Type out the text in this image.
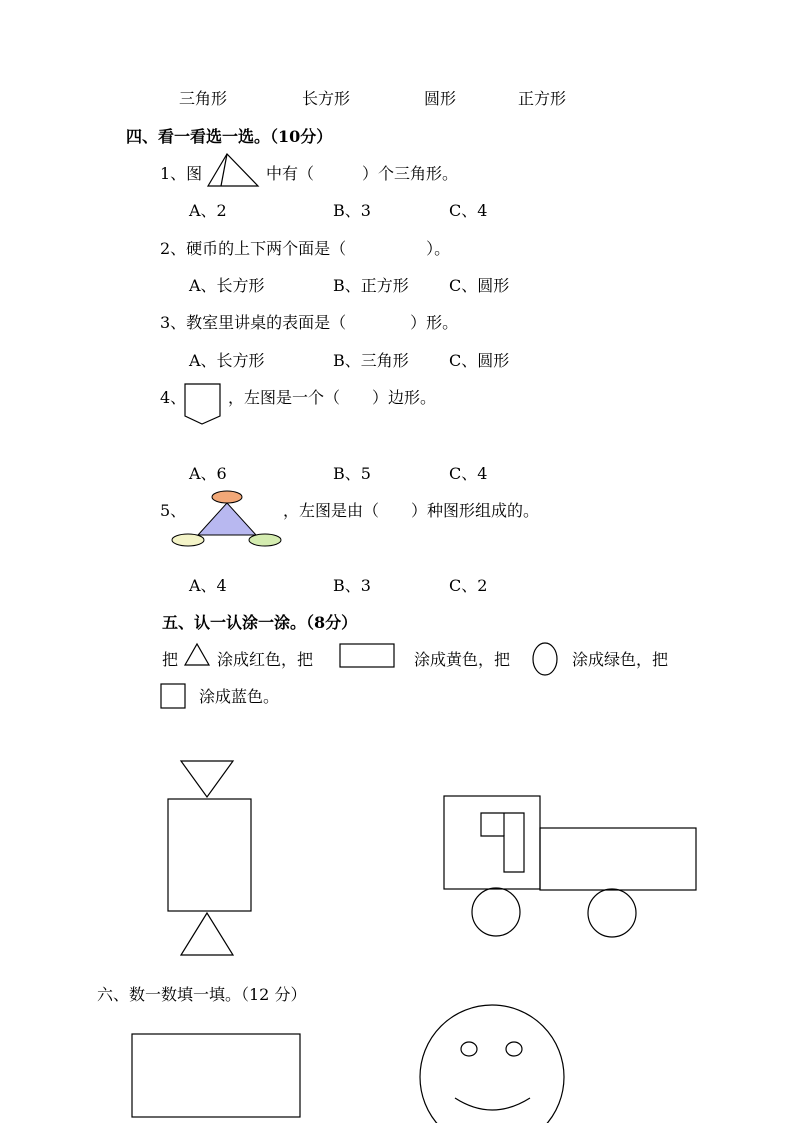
三角形	长方形	圆形	正方形
四、看一看选一选。（10分）
1、图	中有（　　　）个三角形。
A、2	B、3	C、4
2、硬币的上下两个面是（　　　　　）。
A、长方形	B、正方形	C、圆形
3、教室里讲桌的表面是（　　　　）形。
A、长方形	B、三角形	C、圆形
4、	，左图是一个（　　）边形。
A、6	B、5	C、4
5、	，左图是由（　　）种图形组成的。
A、4	B、3	C、2
五、认一认涂一涂。（8分）
把 涂成红色，把	涂成黄色，把	涂成绿色，把
涂成蓝色。
六、数一数填一填。（12 分）
